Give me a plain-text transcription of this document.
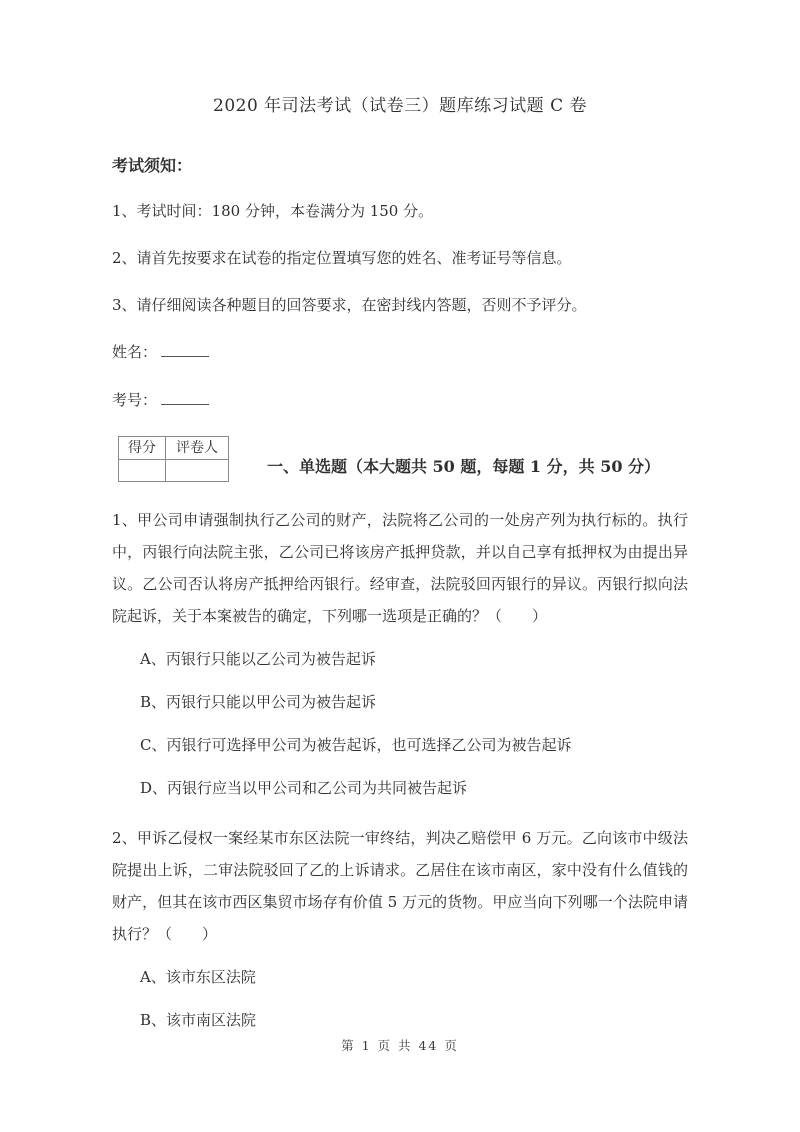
2020 年司法考试（试卷三）题库练习试题 C 卷
考试须知：

1、考试时间：180 分钟，本卷满分为 150 分。

2、请首先按要求在试卷的指定位置填写您的姓名、准考证号等信息。

3、请仔细阅读各种题目的回答要求，在密封线内答题，否则不予评分。

姓名：
考号：
得分	评卷人

一、单选题（本大题共 50 题，每题 1 分，共 50 分）

1、甲公司申请强制执行乙公司的财产，法院将乙公司的一处房产列为执行标的。执行中，丙银行向法院主张，乙公司已将该房产抵押贷款，并以自己享有抵押权为由提出异议。乙公司否认将房产抵押给丙银行。经审查，法院驳回丙银行的异议。丙银行拟向法院起诉，关于本案被告的确定，下列哪一选项是正确的？（　　）

A、丙银行只能以乙公司为被告起诉
B、丙银行只能以甲公司为被告起诉
C、丙银行可选择甲公司为被告起诉，也可选择乙公司为被告起诉
D、丙银行应当以甲公司和乙公司为共同被告起诉

2、甲诉乙侵权一案经某市东区法院一审终结，判决乙赔偿甲 6 万元。乙向该市中级法院提出上诉，二审法院驳回了乙的上诉请求。乙居住在该市南区，家中没有什么值钱的财产，但其在该市西区集贸市场存有价值 5 万元的货物。甲应当向下列哪一个法院申请执行？（　　）

A、该市东区法院
B、该市南区法院
第 1 页 共 44 页
